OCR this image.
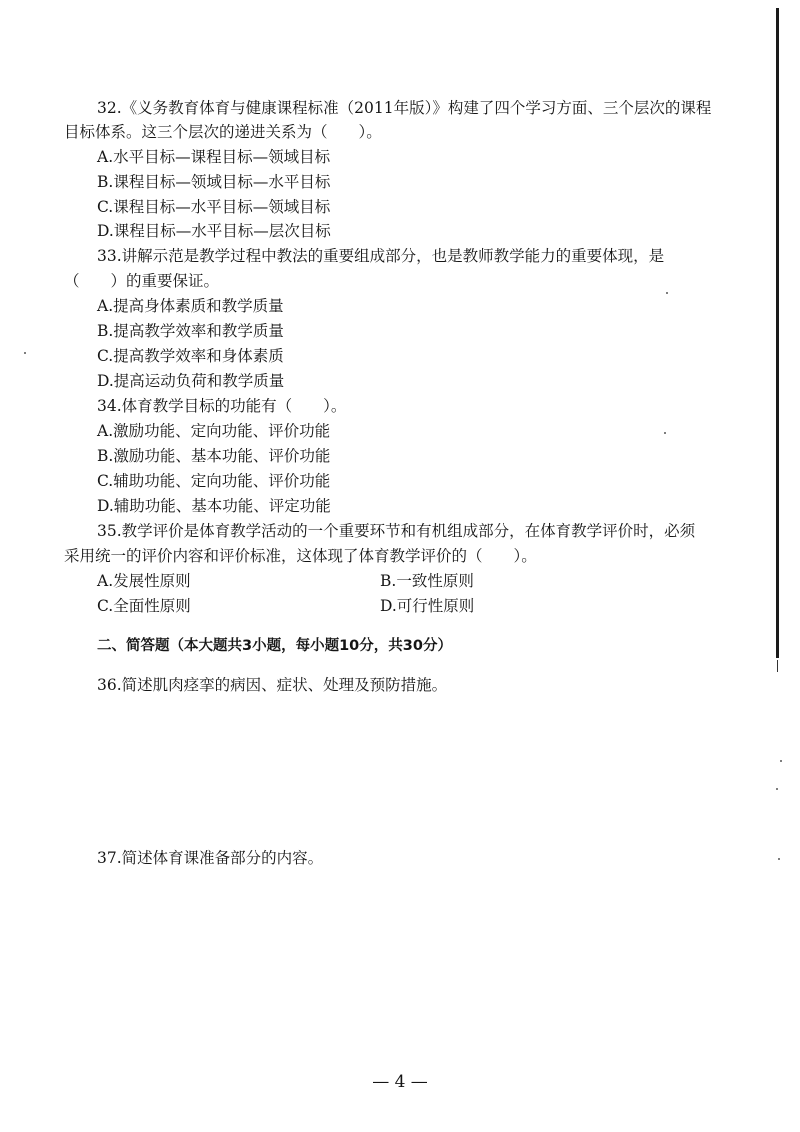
32.《义务教育体育与健康课程标准（2011年版）》构建了四个学习方面、三个层次的课程
目标体系。这三个层次的递进关系为（　　）。
A.水平目标—课程目标—领域目标
B.课程目标—领域目标—水平目标
C.课程目标—水平目标—领域目标
D.课程目标—水平目标—层次目标
33.讲解示范是教学过程中教法的重要组成部分，也是教师教学能力的重要体现，是
（　　）的重要保证。
A.提高身体素质和教学质量
B.提高教学效率和教学质量
C.提高教学效率和身体素质
D.提高运动负荷和教学质量
34.体育教学目标的功能有（　　）。
A.激励功能、定向功能、评价功能
B.激励功能、基本功能、评价功能
C.辅助功能、定向功能、评价功能
D.辅助功能、基本功能、评定功能
35.教学评价是体育教学活动的一个重要环节和有机组成部分，在体育教学评价时，必须
采用统一的评价内容和评价标准，这体现了体育教学评价的（　　）。
A.发展性原则	B.一致性原则
C.全面性原则	D.可行性原则
二、简答题（本大题共3小题，每小题10分，共30分）
36.简述肌肉痉挛的病因、症状、处理及预防措施。
37.简述体育课准备部分的内容。
— 4 —
